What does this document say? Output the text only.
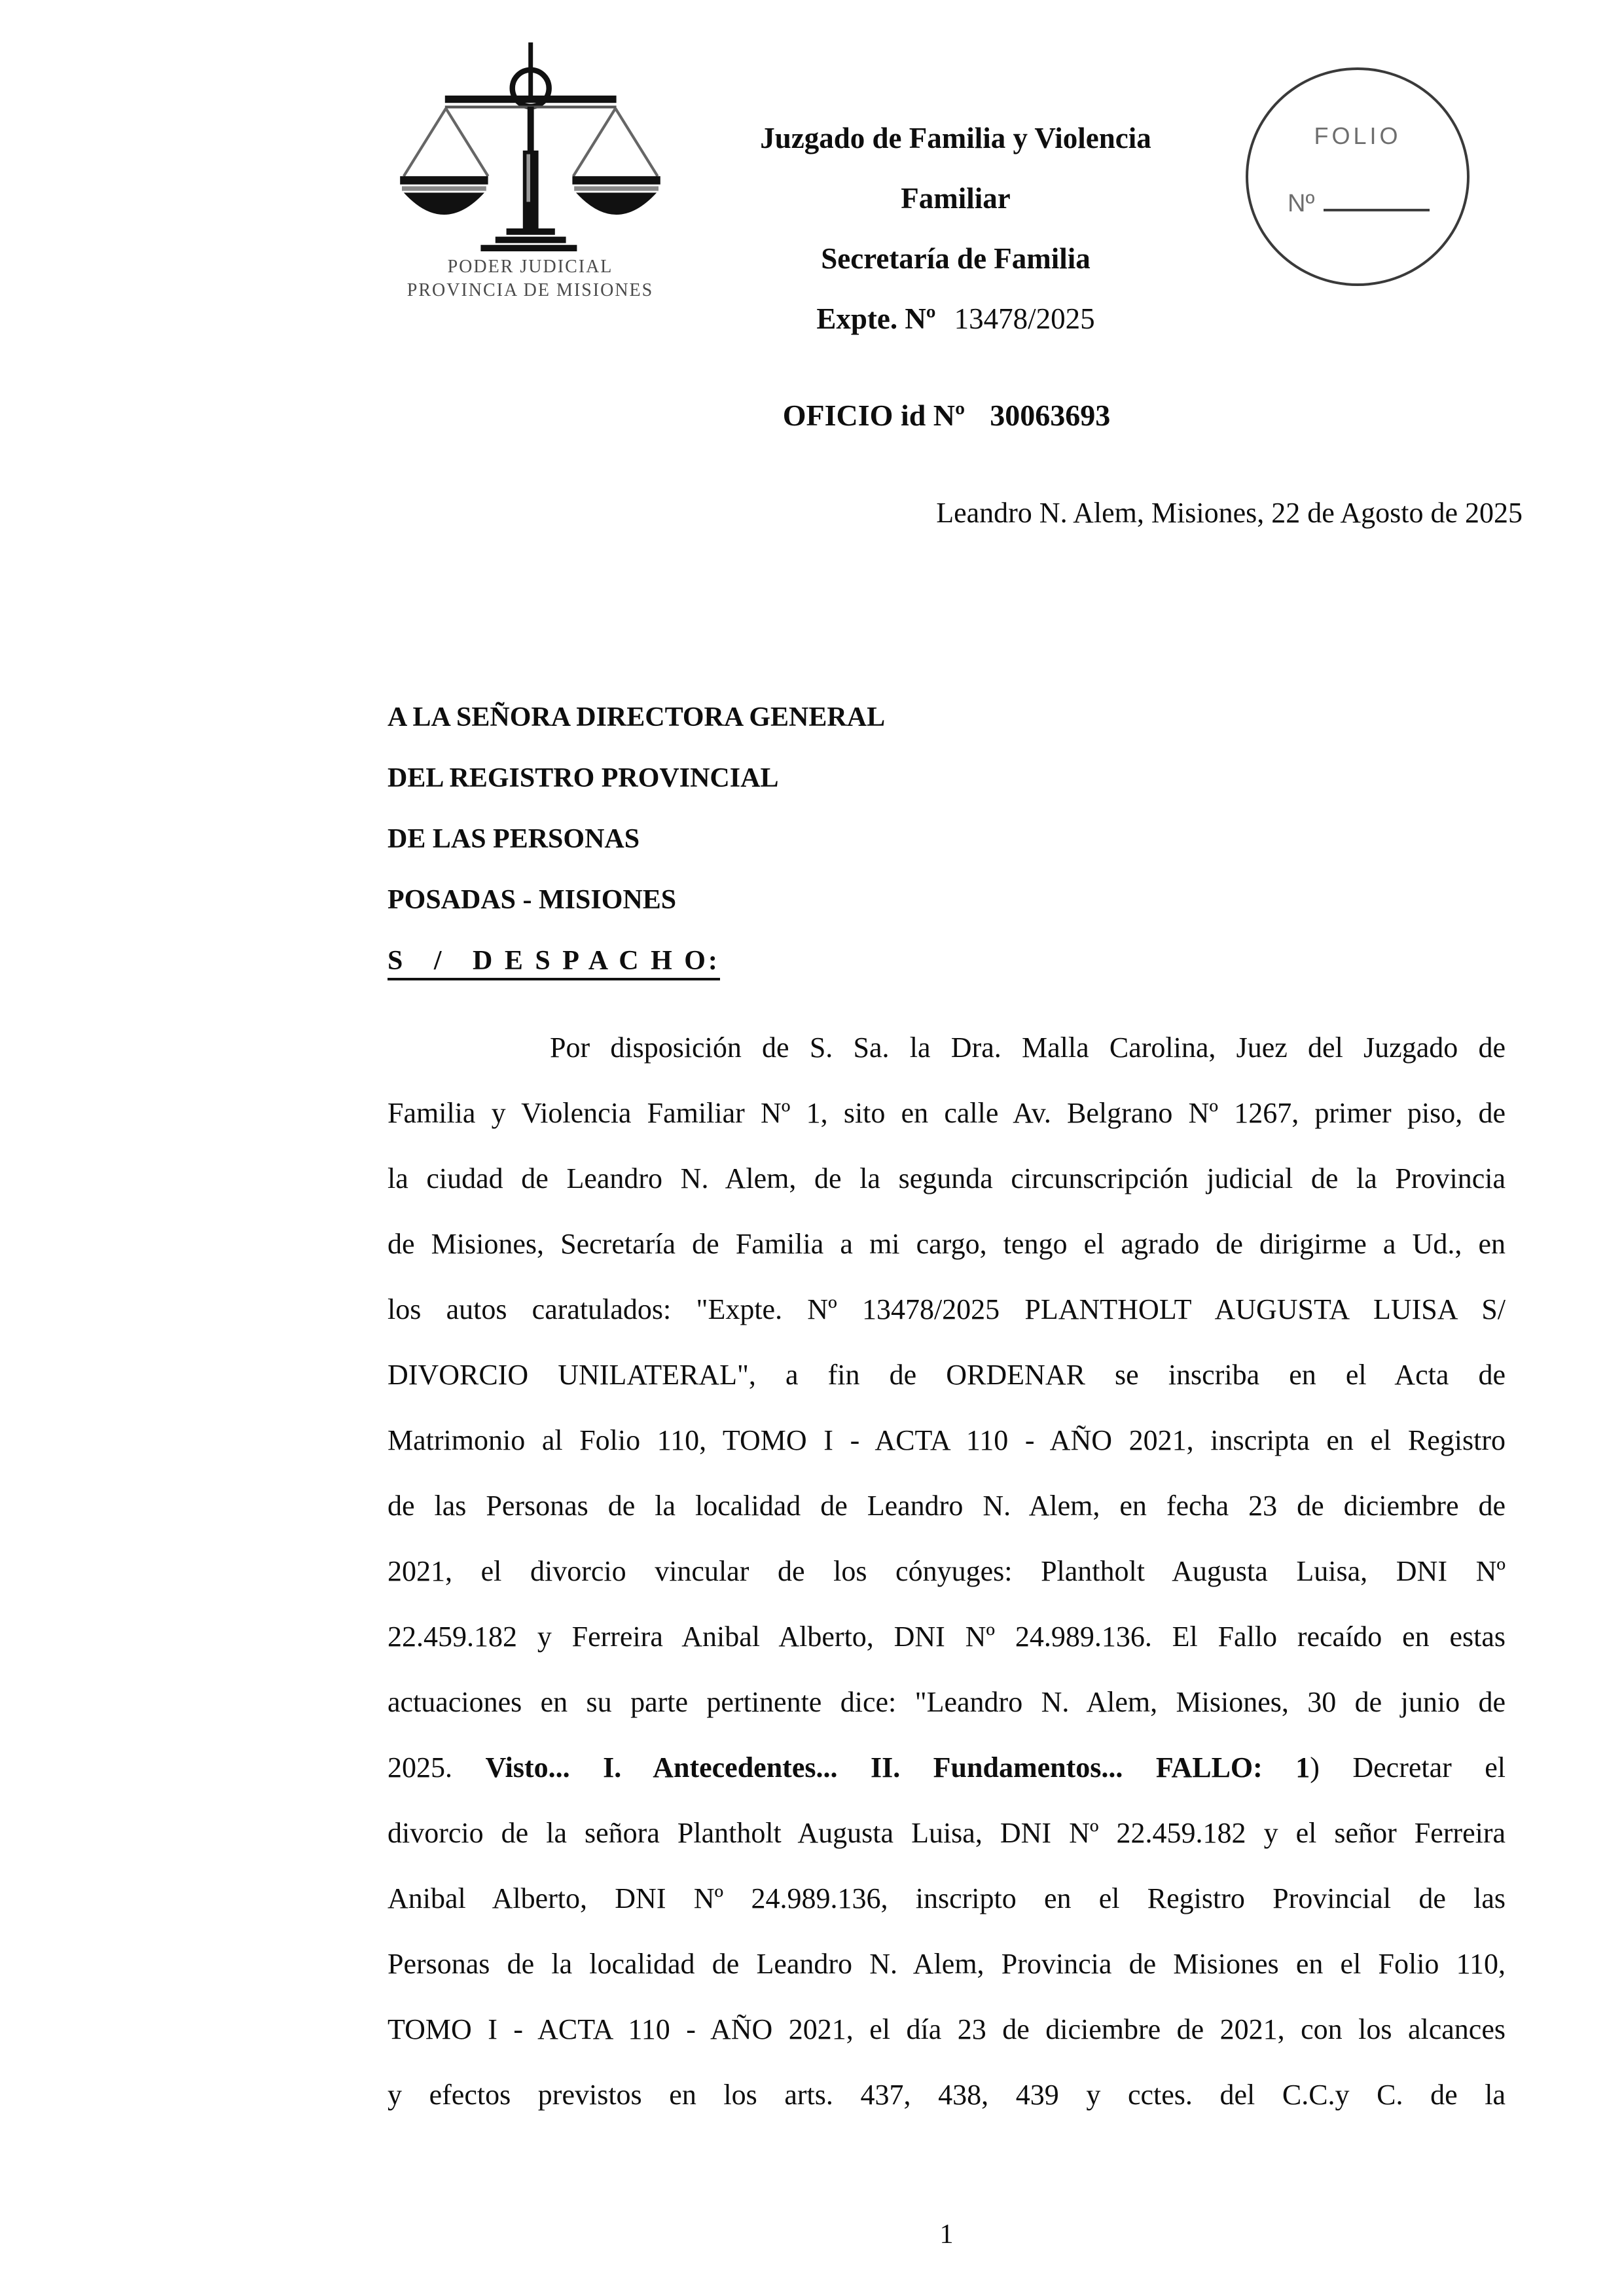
PODER JUDICIAL
PROVINCIA DE MISIONES
Juzgado de Familia y Violencia
Familiar
Secretaría de Familia
Expte. Nº 13478/2025
FOLIO
Nº
OFICIO id Nº 30063693
Leandro N. Alem, Misiones, 22 de Agosto de 2025
A LA SEÑORA DIRECTORA GENERAL
DEL REGISTRO PROVINCIAL
DE LAS PERSONAS
POSADAS - MISIONES
S   /   D E S P A C H O:
Por disposición de S. Sa. la Dra. Malla Carolina, Juez del Juzgado de
Familia y Violencia Familiar Nº 1, sito en calle Av. Belgrano Nº 1267, primer piso, de
la ciudad de Leandro N. Alem, de la segunda circunscripción judicial de la Provincia
de Misiones, Secretaría de Familia a mi cargo, tengo el agrado de dirigirme a Ud., en
los autos caratulados: "Expte. Nº 13478/2025 PLANTHOLT AUGUSTA LUISA S/
DIVORCIO UNILATERAL", a fin de ORDENAR se inscriba en el Acta de
Matrimonio al Folio 110, TOMO I - ACTA 110 - AÑO 2021, inscripta en el Registro
de las Personas de la localidad de Leandro N. Alem, en fecha 23 de diciembre de
2021, el divorcio vincular de los cónyuges: Plantholt Augusta Luisa, DNI Nº
22.459.182 y Ferreira Anibal Alberto, DNI Nº 24.989.136. El Fallo recaído en estas
actuaciones en su parte pertinente dice: "Leandro N. Alem, Misiones, 30 de junio de
2025. Visto... I. Antecedentes... II. Fundamentos... FALLO: 1) Decretar el
divorcio de la señora Plantholt Augusta Luisa, DNI Nº 22.459.182 y el señor Ferreira
Anibal Alberto, DNI Nº 24.989.136, inscripto en el Registro Provincial de las
Personas de la localidad de Leandro N. Alem, Provincia de Misiones en el Folio 110,
TOMO I - ACTA 110 - AÑO 2021, el día 23 de diciembre de 2021, con los alcances
y efectos previstos en los arts. 437, 438, 439 y cctes. del C.C.y C. de la
1
